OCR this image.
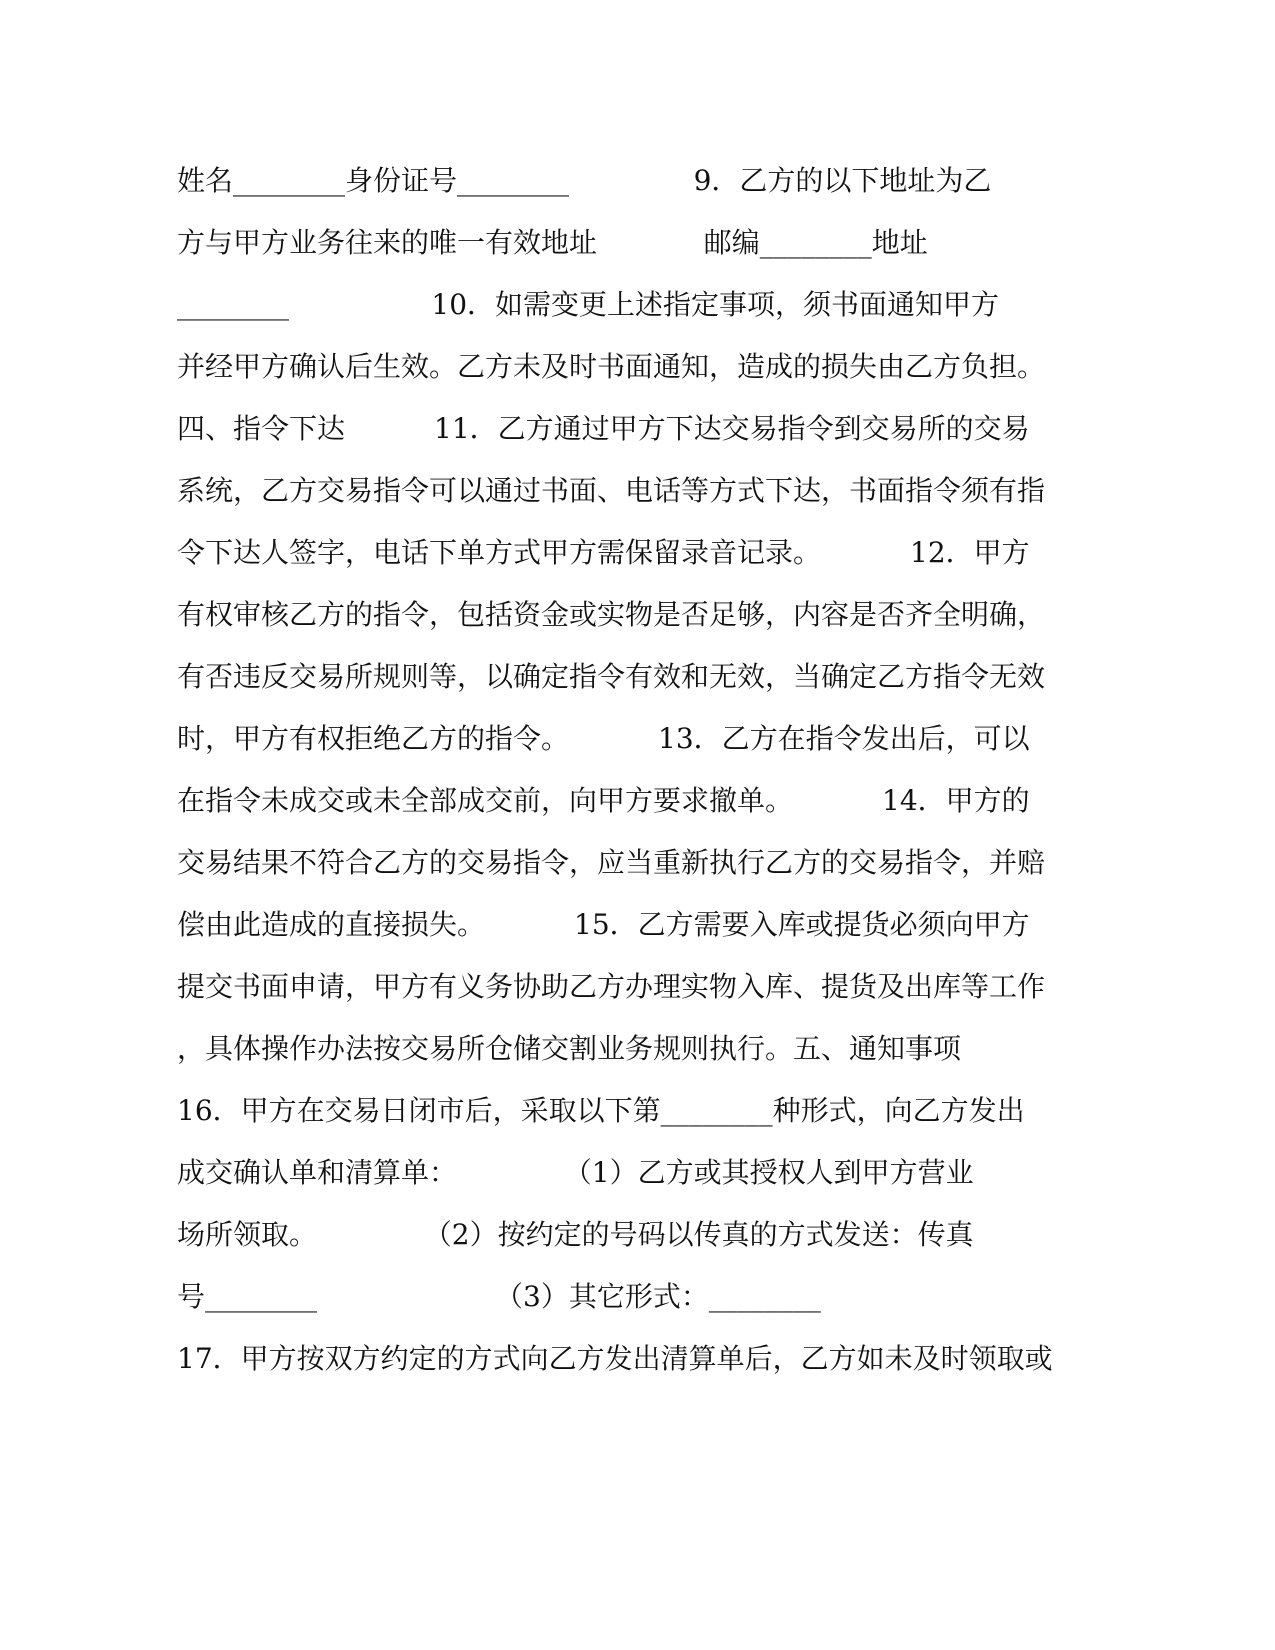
姓名________身份证号________              9．乙方的以下地址为乙
方与甲方业务往来的唯一有效地址            邮编________地址
________                10．如需变更上述指定事项，须书面通知甲方
并经甲方确认后生效。乙方未及时书面通知，造成的损失由乙方负担。
四、指令下达          11．乙方通过甲方下达交易指令到交易所的交易
系统，乙方交易指令可以通过书面、电话等方式下达，书面指令须有指
令下达人签字，电话下单方式甲方需保留录音记录。          12．甲方
有权审核乙方的指令，包括资金或实物是否足够，内容是否齐全明确，
有否违反交易所规则等，以确定指令有效和无效，当确定乙方指令无效
时，甲方有权拒绝乙方的指令。          13．乙方在指令发出后，可以
在指令未成交或未全部成交前，向甲方要求撤单。          14．甲方的
交易结果不符合乙方的交易指令，应当重新执行乙方的交易指令，并赔
偿由此造成的直接损失。          15．乙方需要入库或提货必须向甲方
提交书面申请，甲方有义务协助乙方办理实物入库、提货及出库等工作
，具体操作办法按交易所仓储交割业务规则执行。五、通知事项
16．甲方在交易日闭市后，采取以下第________种形式，向乙方发出
成交确认单和清算单：            （1）乙方或其授权人到甲方营业
场所领取。            （2）按约定的号码以传真的方式发送：传真
号________                    （3）其它形式：________
17．甲方按双方约定的方式向乙方发出清算单后，乙方如未及时领取或
